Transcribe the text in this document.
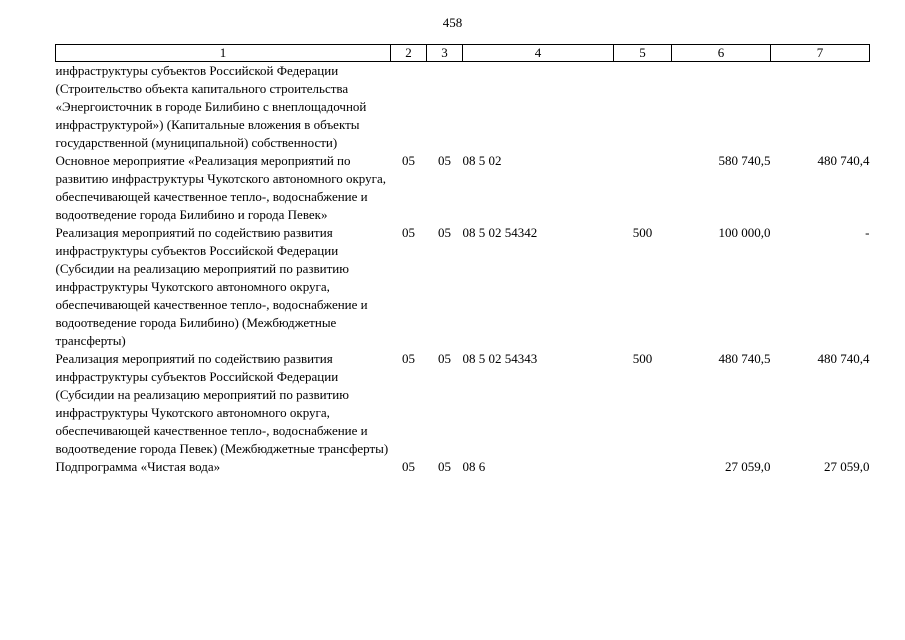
458
1	2	3	4	5	6	7
инфраструктуры субъектов Российской Федерации (Строительство объекта капитального строительства «Энергоисточник в городе Билибино с внеплощадочной инфраструктурой») (Капитальные вложения в объекты государственной (муниципальной) собственности)						
Основное мероприятие «Реализация мероприятий по развитию инфраструктуры Чукотского автономного округа, обеспечивающей качественное тепло-, водоснабжение и водоотведение города Билибино и города Певек»	05	05	08 5 02		580 740,5	480 740,4
Реализация мероприятий по содействию развития инфраструктуры субъектов Российской Федерации (Субсидии на реализацию мероприятий по развитию инфраструктуры Чукотского автономного округа, обеспечивающей качественное тепло-, водоснабжение и водоотведение города Билибино) (Межбюджетные трансферты)	05	05	08 5 02 54342	500	100 000,0	-
Реализация мероприятий по содействию развития инфраструктуры субъектов Российской Федерации (Субсидии на реализацию мероприятий по развитию инфраструктуры Чукотского автономного округа, обеспечивающей качественное тепло-, водоснабжение и водоотведение города Певек) (Межбюджетные трансферты)	05	05	08 5 02 54343	500	480 740,5	480 740,4
Подпрограмма «Чистая вода»	05	05	08 6		27 059,0	27 059,0
